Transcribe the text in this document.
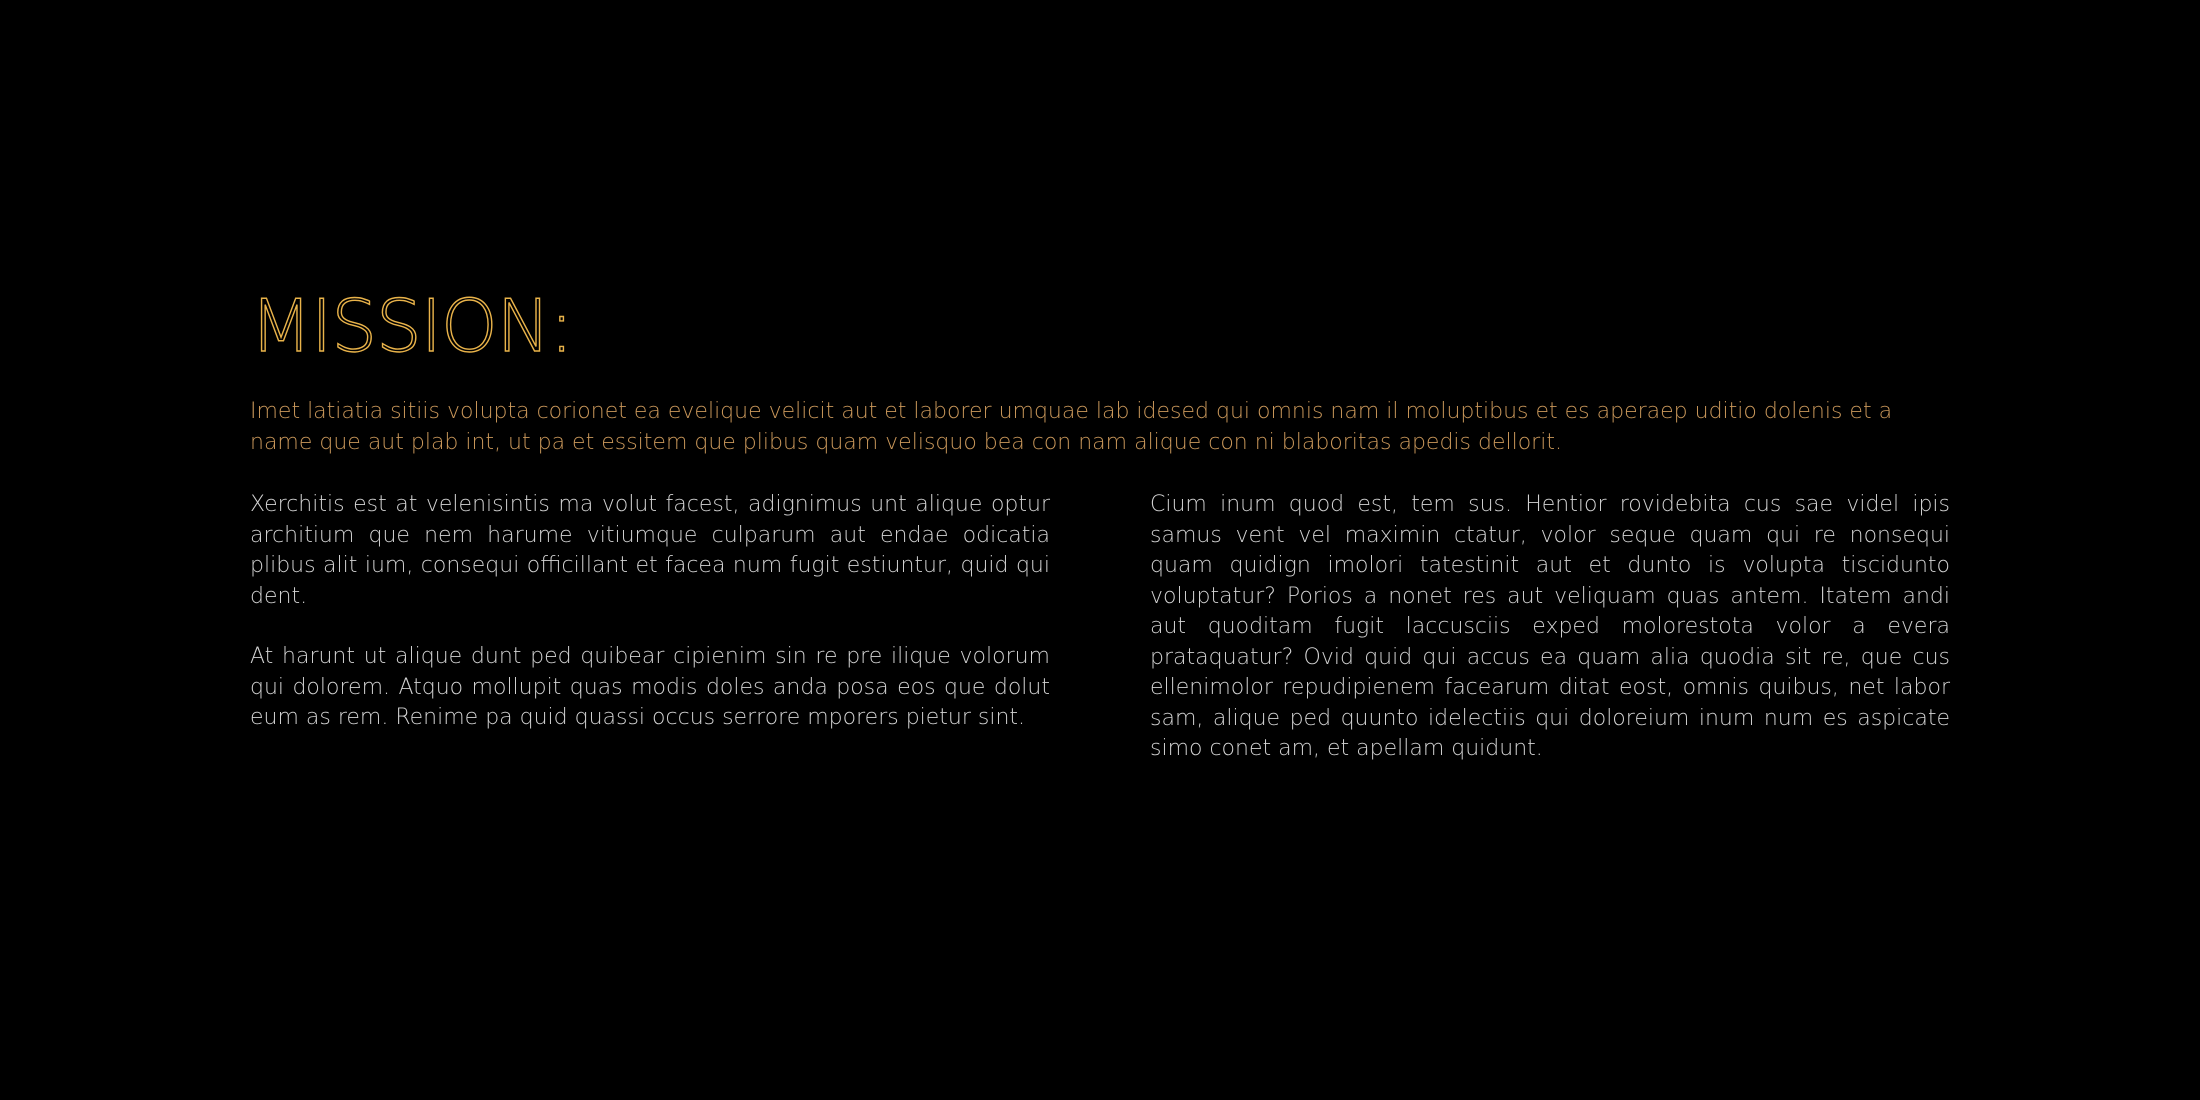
MISSION:

Imet latiatia sitiis volupta corionet ea evelique velicit aut et laborer umquae lab idesed qui omnis nam il moluptibus et es aperaep uditio dolenis et a name que aut plab int, ut pa et essitem que plibus quam velisquo bea con nam alique con ni blaboritas apedis dellorit.

Xerchitis est at velenisintis ma volut facest, adignimus unt alique optur architium que nem harume vitiumque culparum aut endae odicatia plibus alit ium, consequi officillant et facea num fugit estiuntur, quid qui dent.

At harunt ut alique dunt ped quibear cipienim sin re pre ilique volorum qui dolorem. Atquo mollupit quas modis doles anda posa eos que dolut eum as rem. Renime pa quid quassi occus serrore mporers pietur sint.

Cium inum quod est, tem sus. Hentior rovidebita cus sae videl ipis samus vent vel maximin ctatur, volor seque quam qui re nonsequi quam quidign imolori tatestinit aut et dunto is volupta tiscidunto voluptatur? Porios a nonet res aut veliquam quas antem. Itatem andi aut quoditam fugit laccusciis exped molorestota volor a evera prataquatur? Ovid quid qui accus ea quam alia quodia sit re, que cus ellenimolor repudipienem facearum ditat eost, omnis quibus, net labor sam, alique ped quunto idelectiis qui doloreium inum num es aspicate simo conet am, et apellam quidunt.
